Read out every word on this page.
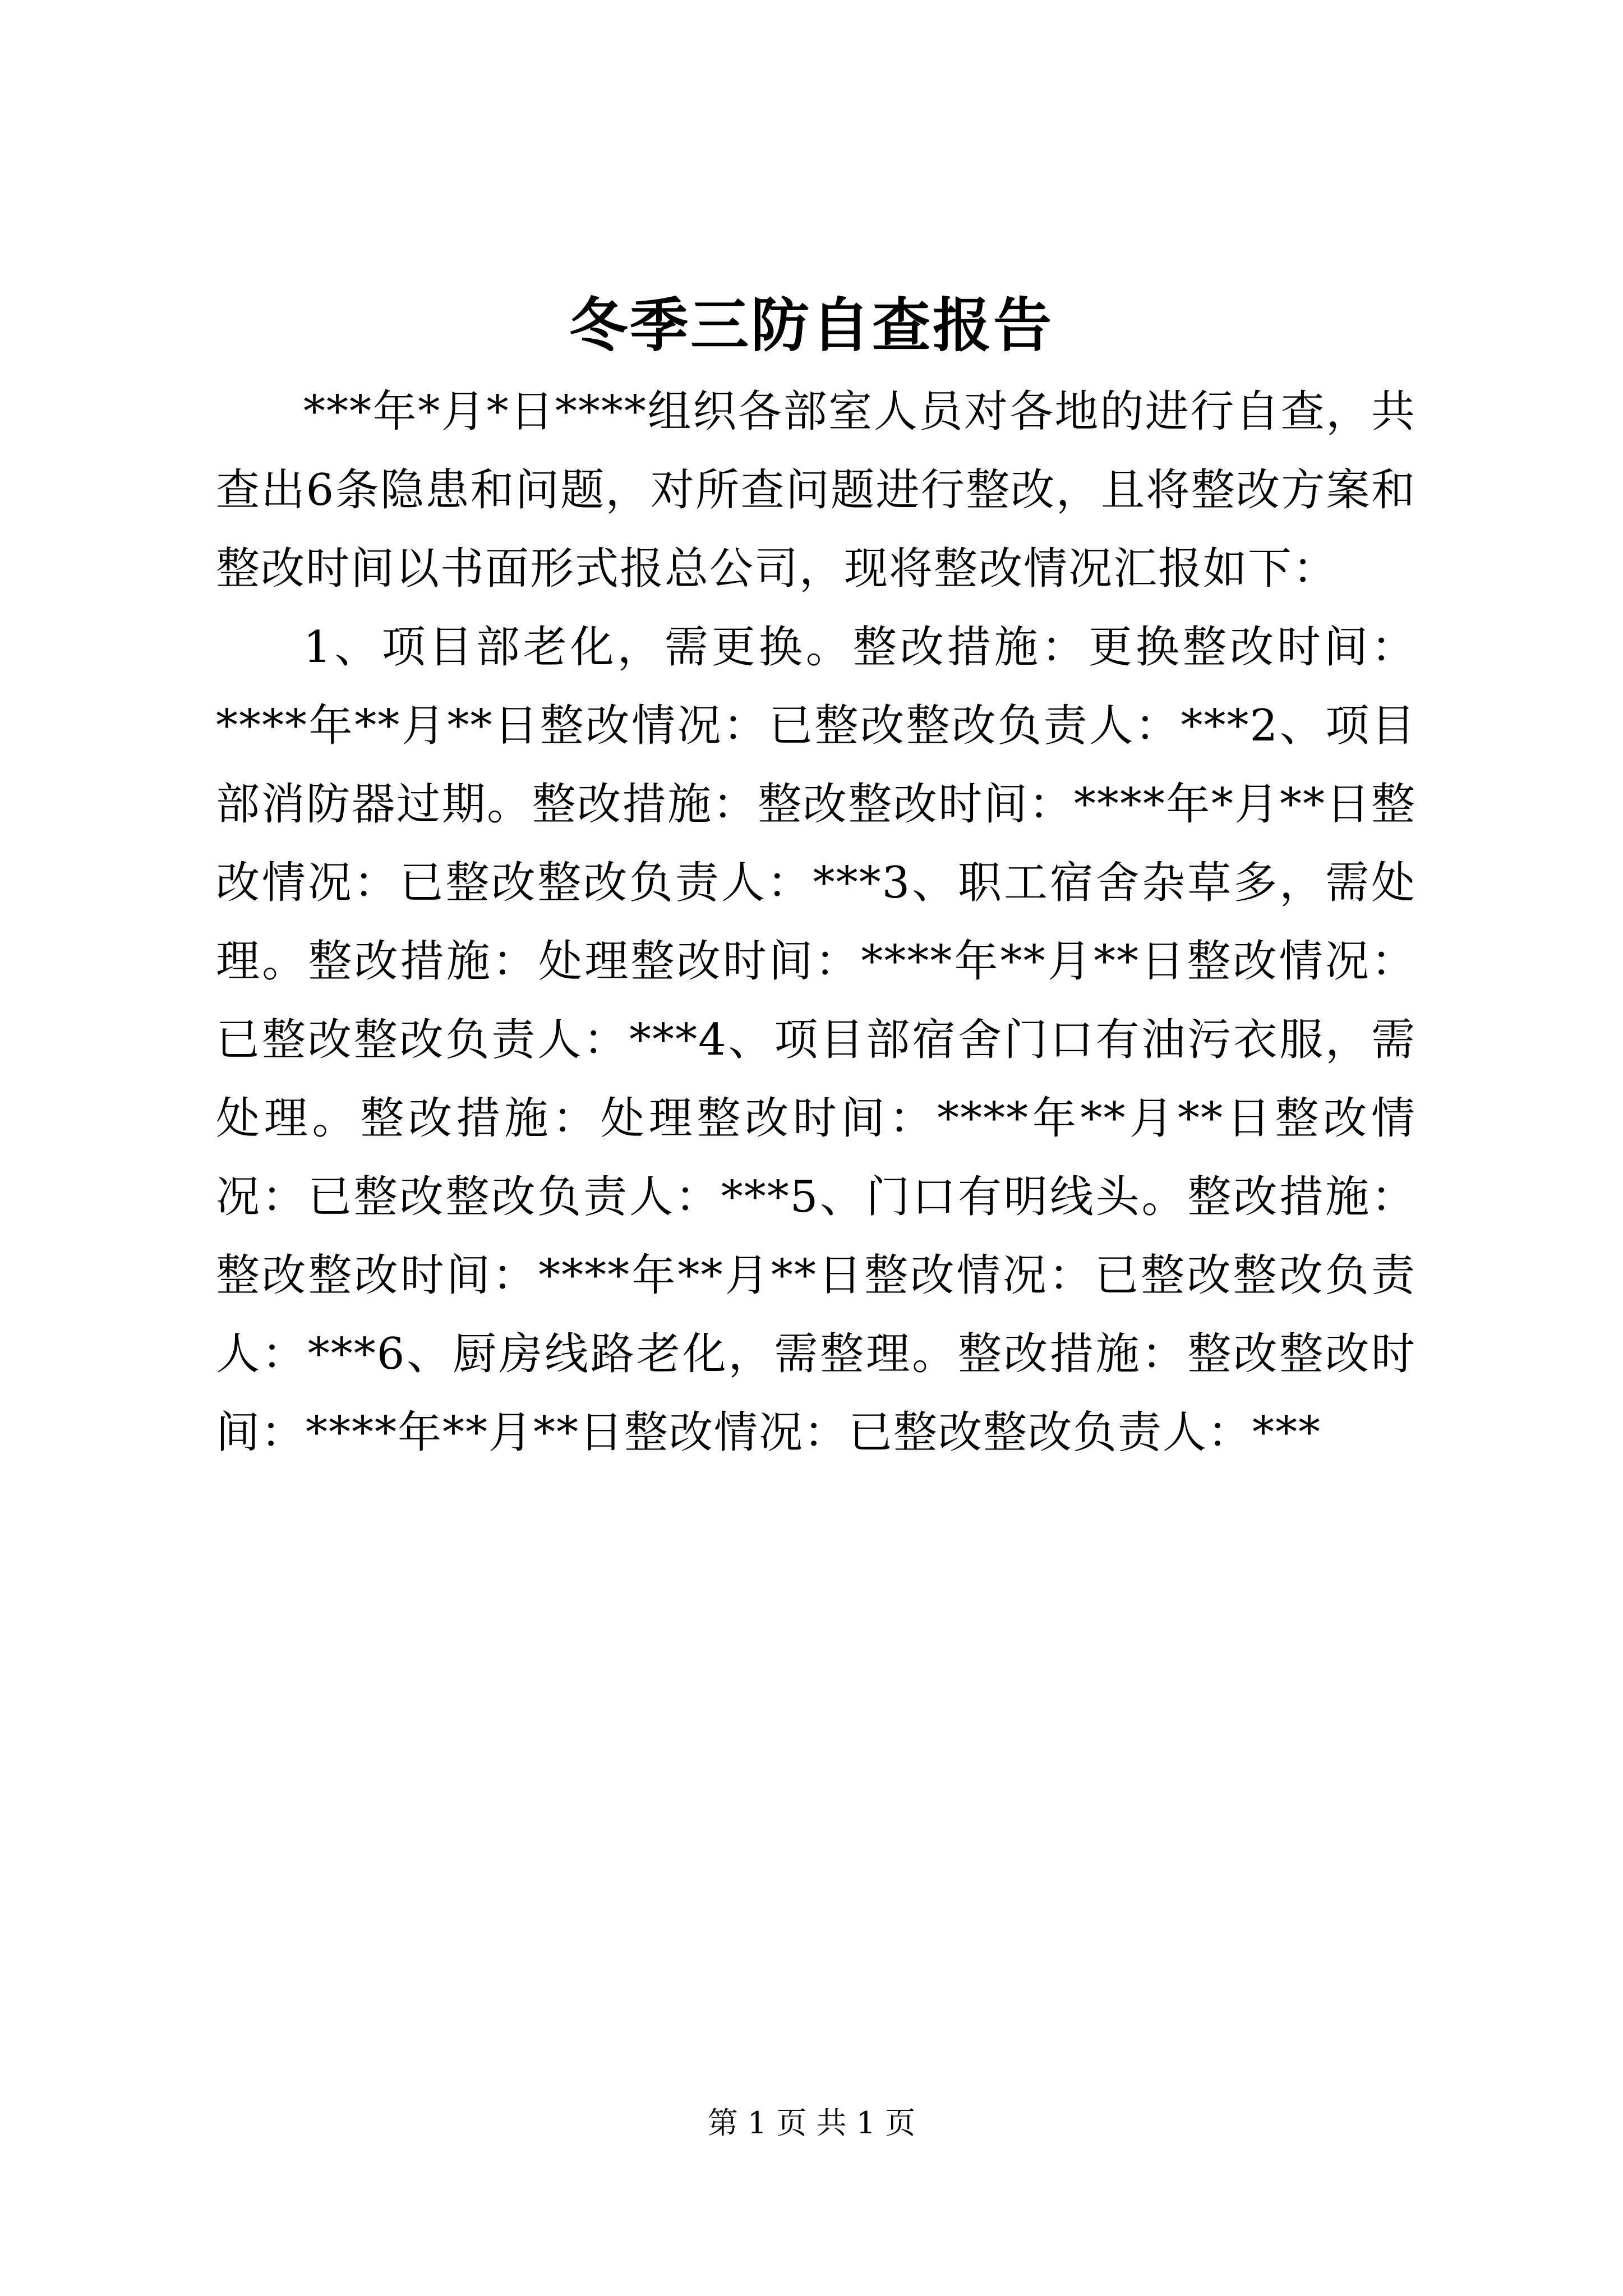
冬季三防自查报告

***年*月*日****组织各部室人员对各地的进行自查，共查出6条隐患和问题，对所查问题进行整改，且将整改方案和整改时间以书面形式报总公司，现将整改情况汇报如下：

1、项目部老化，需更换。整改措施：更换整改时间：****年**月**日整改情况：已整改整改负责人：***2、项目部消防器过期。整改措施：整改整改时间：****年*月**日整改情况：已整改整改负责人：***3、职工宿舍杂草多，需处理。整改措施：处理整改时间：****年**月**日整改情况：已整改整改负责人：***4、项目部宿舍门口有油污衣服，需处理。整改措施：处理整改时间：****年**月**日整改情况：已整改整改负责人：***5、门口有明线头。整改措施：整改整改时间：****年**月**日整改情况：已整改整改负责人：***6、厨房线路老化，需整理。整改措施：整改整改时间：****年**月**日整改情况：已整改整改负责人：***

第 1 页 共 1 页
